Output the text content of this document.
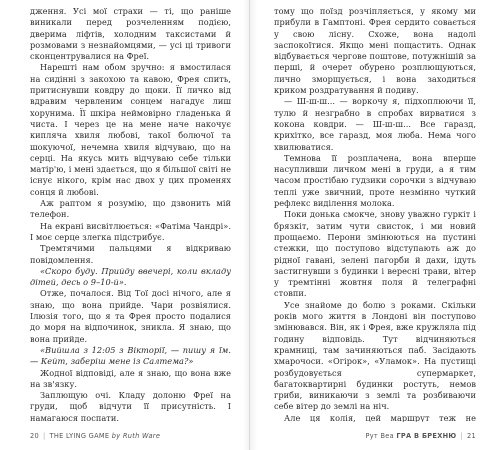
дження. Усі мої страхи — ті, що раніше виникали перед розчеленням подією, дверима ліфтів, холодним таксистами й розмовами з незнайомцями, — усі ці тривоги сконцентрувалися на Фреї.

Нарешті нам обом зручно: я вмостилася на сидінні з закохою та кавою, Фрея спить, притиснувши ковдру до щоки. Її личко від вдравим червленим сонцем нагадує лиш хорунима. Її шкіра неймовірно гладенька й чиста. І через це на мене наче накочує кипляча хвиля любові, такої болючої та шокуючої, нечемна хвиля відчуваю, що на серці. На якусь мить відчуваю себе тільки матір'ю, і мені здається, що я більшої світі не існує нікого, крім нас двох у цих променях сонця й любові.

Аж раптом я розумію, що дзвонить мій телефон.

На екрані висвітлюється: «Фатіма Чандрі». І моє серце злегка підстрибує.

Тремтячими пальцями я відкриваю повідомлення.

«Скоро буду. Прийду ввечері, коли вкладу дітей, десь о 9–10-й».

Отже, почалося. Від Тої досі нічого, але я знаю, що вона прийде. Чари розвіялися. Ілюзія того, що я та Фрея просто подалися до моря на відпочинок, зникла. Я знаю, що вона прийде.

«Вийшла з 12:05 з Вікторії, — пишу я їм. — Кейт, заберіш мене із Салтема?»

Жодної відповіді, але я знаю, що вона вже на зв'язку.

Заплющую очі. Кладу долоню Фреї на груди, щоб відчути її присутність. І намагаюся поспати.

20 | THE LYING GAME by Ruth Ware

тому що поїзд розчіпляється, у якому ми прибули в Гамптоні. Фрея сердито совається у свою лісну. Схоже, вона надолі заспокоїтися. Якщо мені пощастить. Однак відбувається чергове поштове, потужнішій за перші, й очерет обурено розплющуються, лично зморщується, і вона заходиться криком роздратування й подиву.

— Ш-ш-ш... — воркочу я, підхоплюючи її, тулю й незграбно в спробах вирватися з коконa ковдри. — Ш-ш-ш... Все гаразд, крихітко, все гаразд, моя люба. Нема чого хвилюватися.

Темнова її розплачена, вона вперше насупливши личком мені в груди, а я тим часом простібаю гудзики сорочки з відчуваю теплі уже звичний, проте незмінно чуткий рефлекс виділення молока.

Поки донька смокче, знову уважно гуркіт і брязкіт, затим чути свисток, і ми новий прощаємо. Перони змінюються на пустині стежки, що поступово відступають аж до рідної гавані, зелені пагорби й дахи, ідуть застигнувши з будинки і вересні трави, вітер у тремтінні жовтня поля й телеграфні стовпи.

Усе знайоме до болю з роками. Скільки років мого життя в Лондоні він поступово змінювався. Він, як і Фрея, вже кружляла під годину відповідь. Тут відчиняються крамниці, там зачиняються паб. Засідають хмарочоси. «Огірок», «Уламок». На пустищі розбудовується супермаркет, багатоквартирні будинки ростуть, немов гриби, виникаючи з землі та розбиваючи себе вітер до землі на ніч.

Але ця колія, цей маршрут теж не

Рут Веа ГРА В БРЕХНЮ | 21
